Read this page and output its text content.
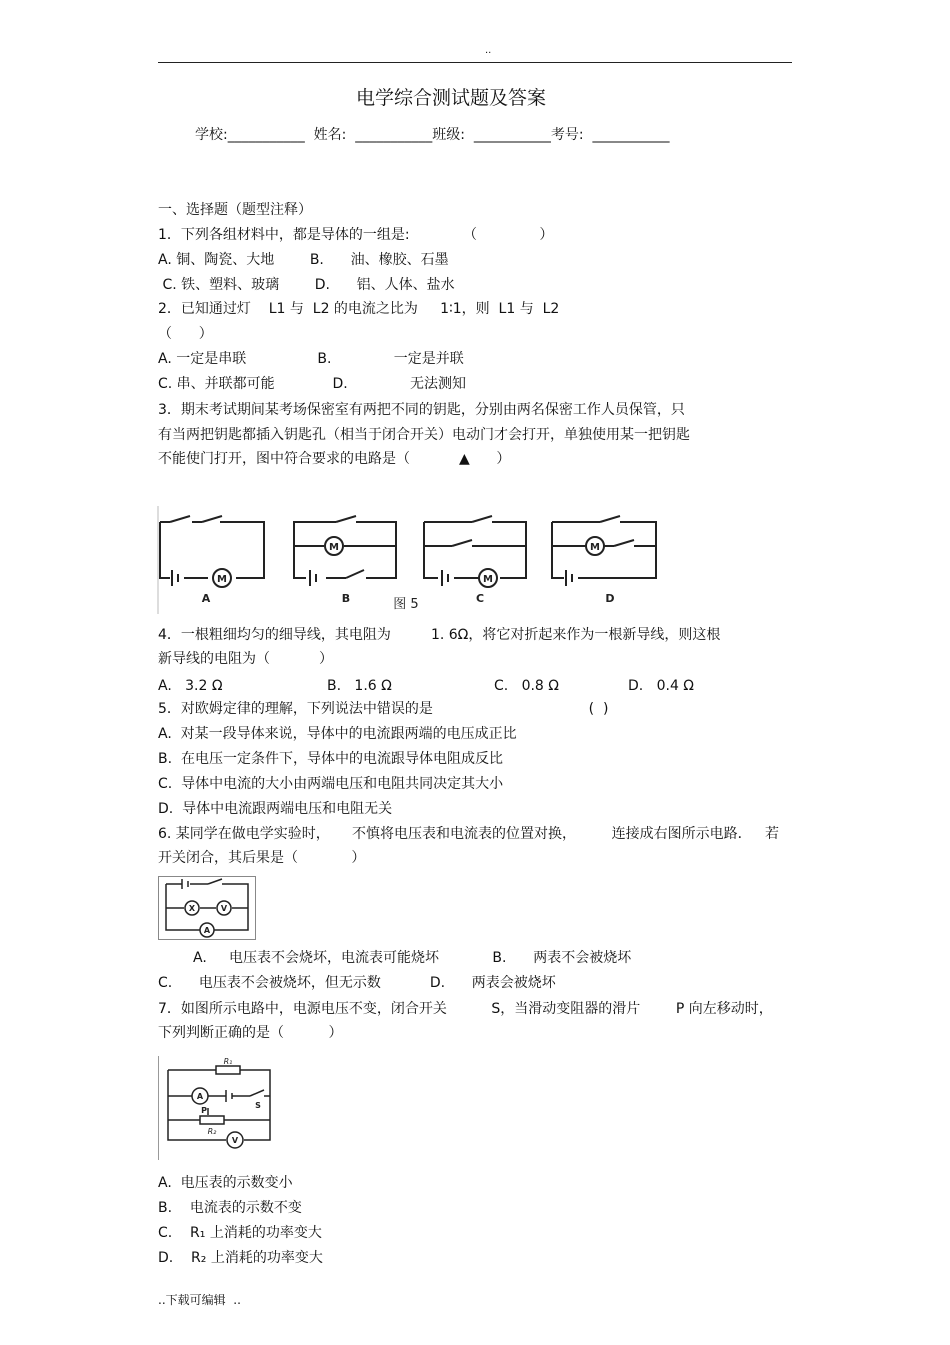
..
电学综合测试题及答案
学校:___________  姓名:  ___________班级:  ___________考号:  ___________
一、选择题（题型注释）
1．下列各组材料中，都是导体的一组是:            （              ）
A. 铜、陶瓷、大地        B.      油、橡胶、石墨
C. 铁、塑料、玻璃        D.      铝、人体、盐水
2．已知通过灯    L1 与  L2 的电流之比为     1∶1，则  L1 与  L2
（      ）
A. 一定是串联                B.              一定是并联
C. 串、并联都可能             D.              无法测知
3．期末考试期间某考场保密室有两把不同的钥匙，分别由两名保密工作人员保管，只
有当两把钥匙都插入钥匙孔（相当于闭合开关）电动门才会打开，单独使用某一把钥匙
不能使门打开，图中符合要求的电路是（           ▲      ）
M
M
M
M
A	B	C	D
图 5
4．一根粗细均匀的细导线，其电阻为         1. 6Ω，将它对折起来作为一根新导线，则这根
新导线的电阻为（           ）
A.   3.2 Ω	B.   1.6 Ω	C.   0.8 Ω	D.   0.4 Ω
5．对欧姆定律的理解，下列说法中错误的是                                   (  )
A.  对某一段导体来说，导体中的电流跟两端的电压成正比
B.  在电压一定条件下，导体中的电流跟导体电阻成反比
C.  导体中电流的大小由两端电压和电阻共同决定其大小
D.  导体中电流跟两端电压和电阻无关
6. 某同学在做电学实验时，     不慎将电压表和电流表的位置对换，        连接成右图所示电路．   若
开关闭合，其后果是（            ）
X	V
A
A.     电压表不会烧坏，电流表可能烧坏            B.      两表不会被烧坏
C.      电压表不会被烧坏，但无示数           D.      两表会被烧坏
7．如图所示电路中，电源电压不变，闭合开关          S，当滑动变阻器的滑片        P 向左移动时，
下列判断正确的是（          ）
R₁
R₂
S
P
A
V
A.  电压表的示数变小
B.    电流表的示数不变
C.    R₁ 上消耗的功率变大
D.    R₂ 上消耗的功率变大
..下载可编辑  ..
